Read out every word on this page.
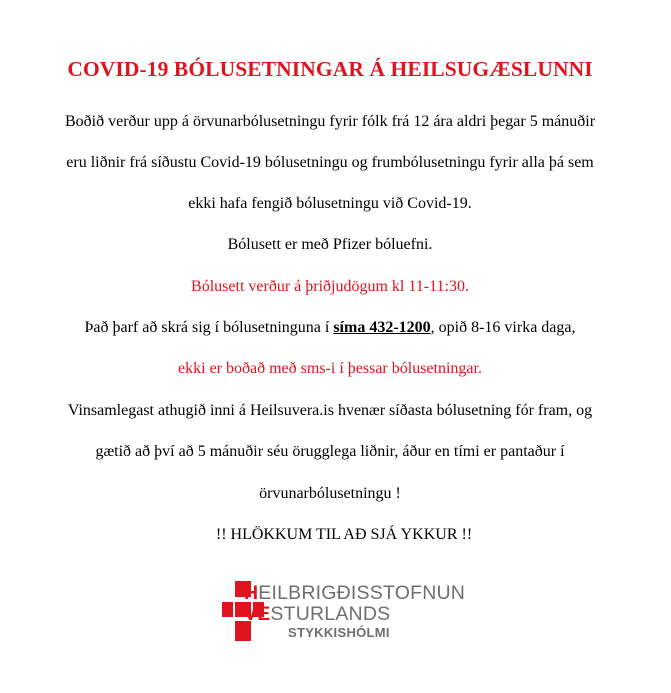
COVID-19 BÓLUSETNINGAR Á HEILSUGÆSLUNNI
Boðið verður upp á örvunarbólusetningu fyrir fólk frá 12 ára aldri þegar 5 mánuðir
eru liðnir frá síðustu Covid-19 bólusetningu og frumbólusetningu fyrir alla þá sem
ekki hafa fengið bólusetningu við Covid-19.
Bólusett er með Pfizer bóluefni.
Bólusett verður á þriðjudögum kl 11-11:30.
Það þarf að skrá sig í bólusetninguna í síma 432-1200, opið 8-16 virka daga,
ekki er boðað með sms-i í þessar bólusetningar.
Vinsamlegast athugið inni á Heilsuvera.is hvenær síðasta bólusetning fór fram, og
gætið að því að 5 mánuðir séu örugglega liðnir, áður en tími er pantaður í
örvunarbólusetningu !
!! HLÖKKUM TIL AÐ SJÁ YKKUR !!
HEILBRIGÐISSTOFNUN
VESTURLANDS
STYKKISHÓLMI
